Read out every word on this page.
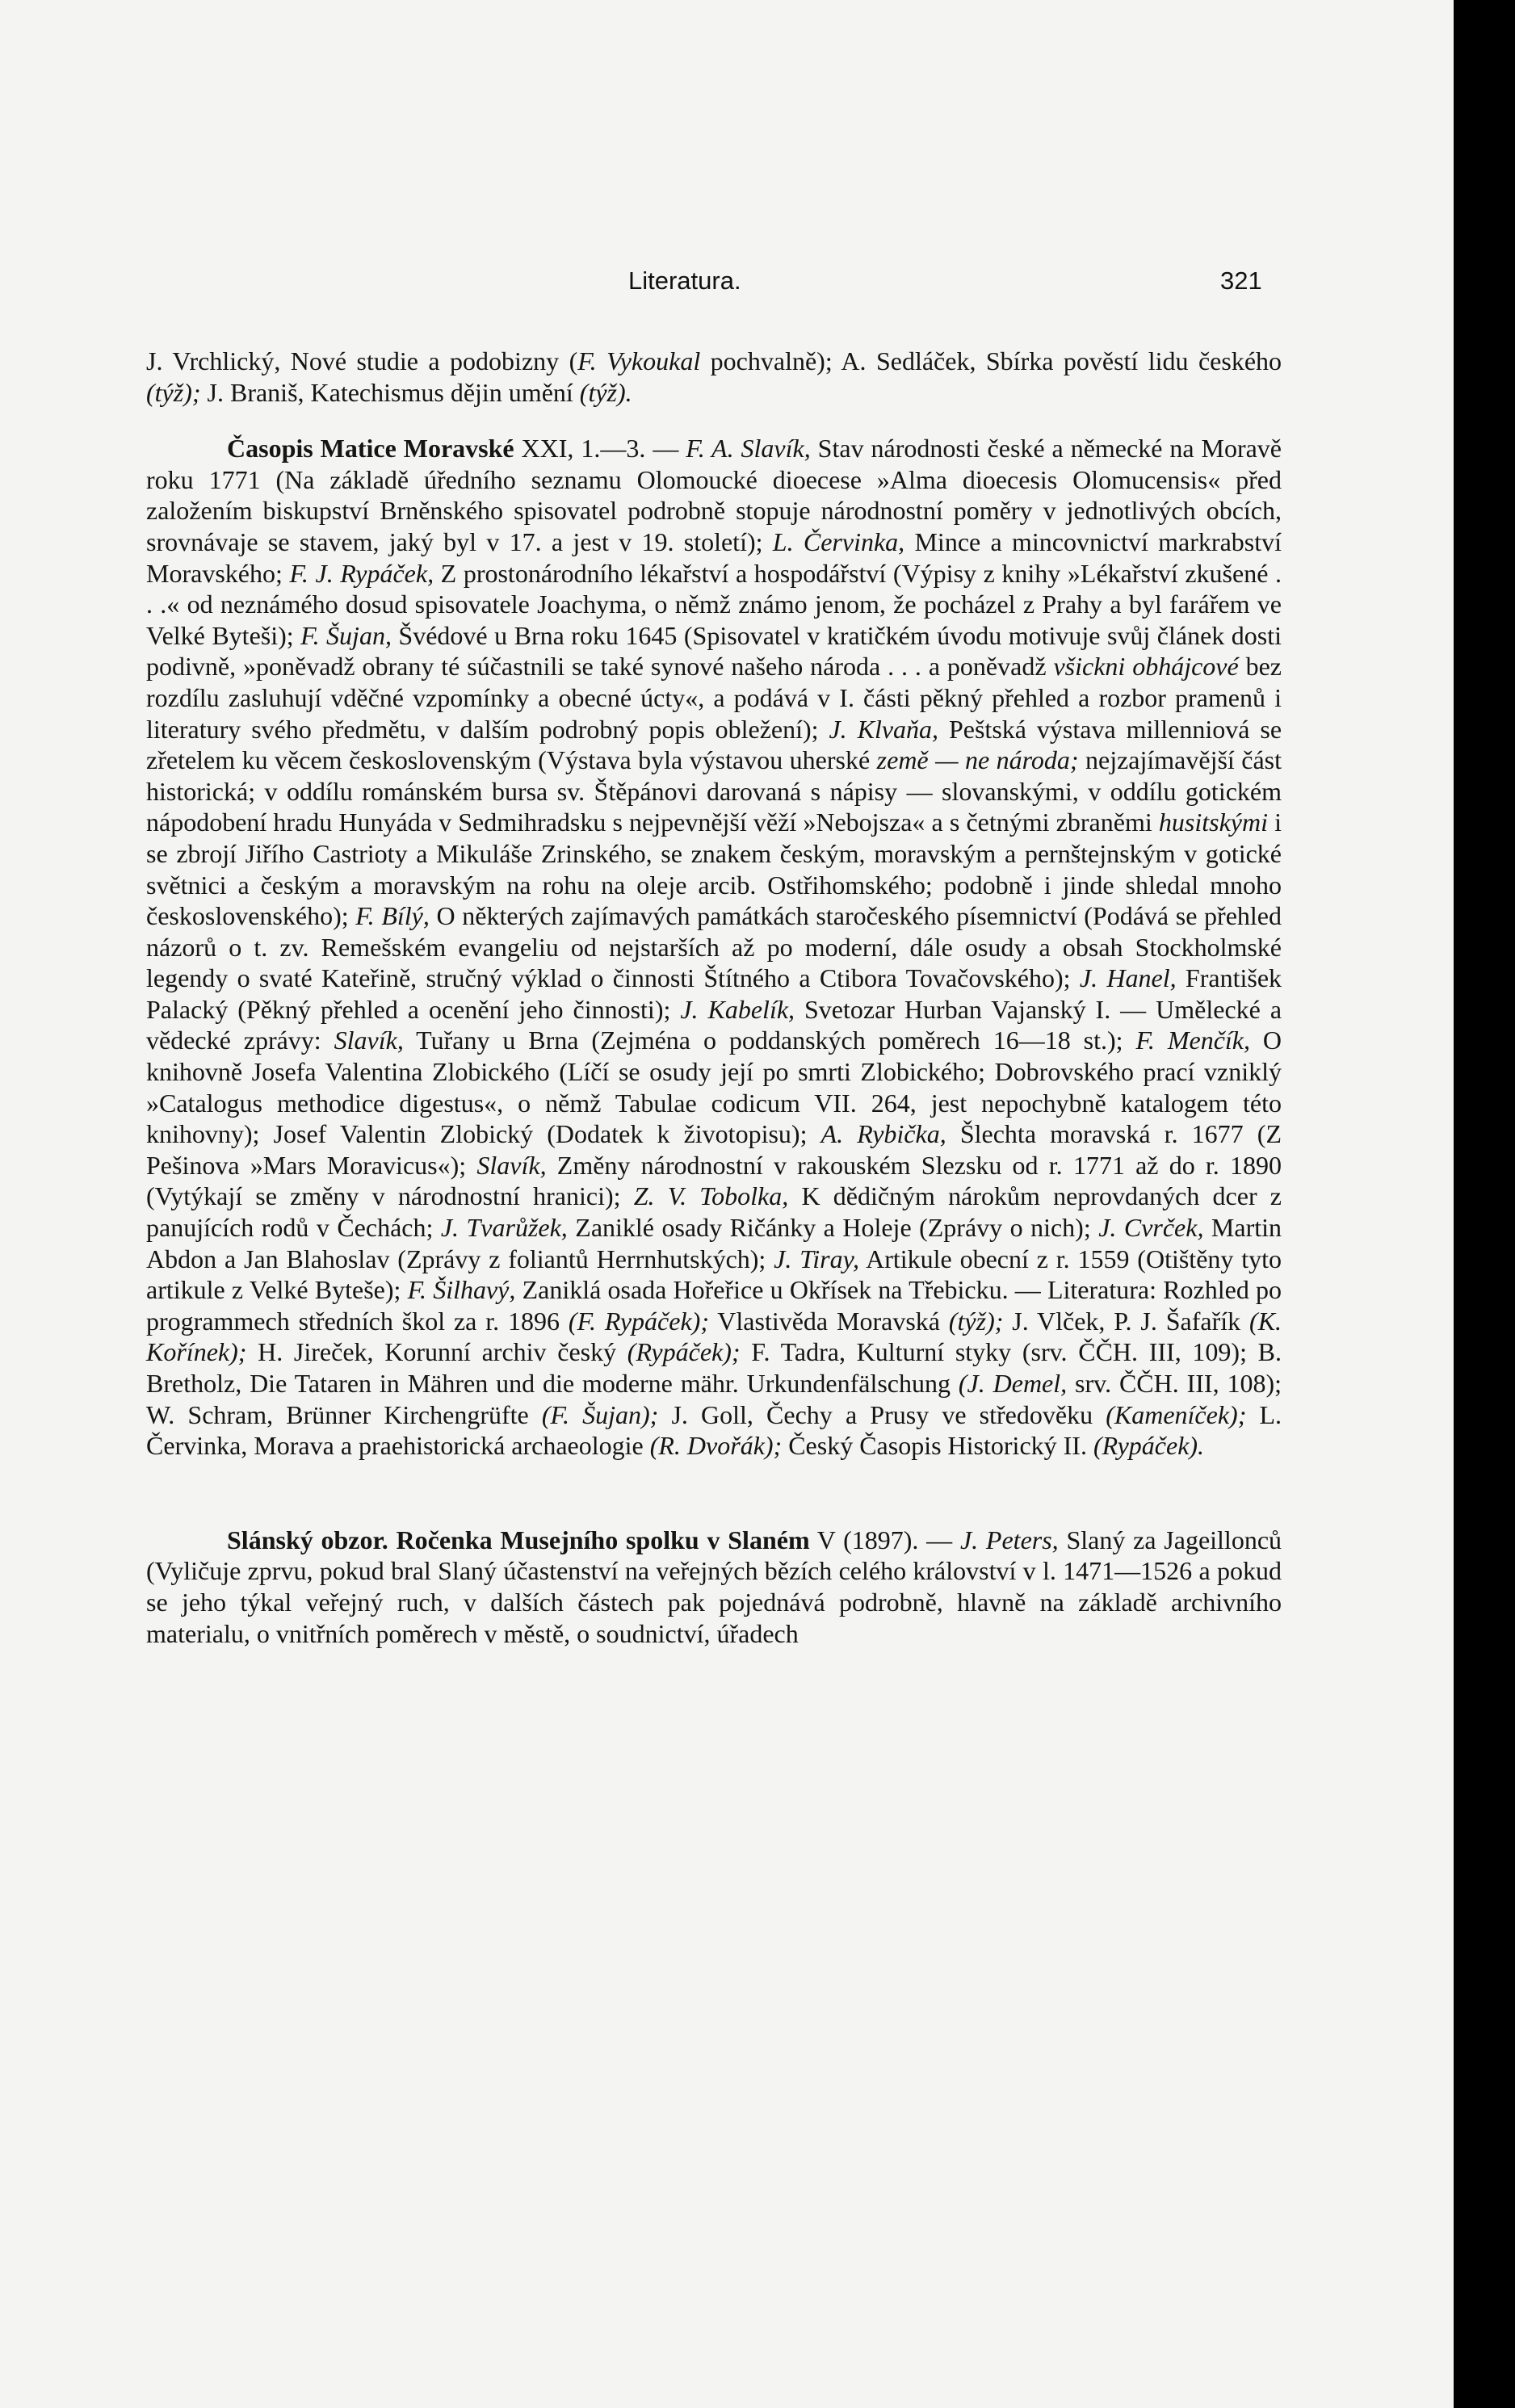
Literatura.	321

J. Vrchlický, Nové studie a podobizny (F. Vykoukal pochvalně); A. Sedláček, Sbírka pověstí lidu českého (týž); J. Braniš, Katechismus dějin umění (týž).

Časopis Matice Moravské XXI, 1.—3. — F. A. Slavík, Stav národnosti české a německé na Moravě roku 1771 (Na základě úředního seznamu Olomoucké dioecese »Alma dioecesis Olomucensis« před založením biskupství Brněnského spisovatel podrobně stopuje národnostní poměry v jednotlivých obcích, srovnávaje se stavem, jaký byl v 17. a jest v 19. století); L. Červinka, Mince a mincovnictví markrabství Moravského; F. J. Rypáček, Z prostonárodního lékařství a hospodářství (Výpisy z knihy »Lékařství zkušené . . .« od neznámého dosud spisovatele Joachyma, o němž známo jenom, že pocházel z Prahy a byl farářem ve Velké Byteši); F. Šujan, Švédové u Brna roku 1645 (Spisovatel v kratičkém úvodu motivuje svůj článek dosti podivně, »poněvadž obrany té súčastnili se také synové našeho národa . . . a poněvadž všickni obhájcové bez rozdílu zasluhují vděčné vzpomínky a obecné úcty«, a podává v I. části pěkný přehled a rozbor pramenů i literatury svého předmětu, v dalším podrobný popis obležení); J. Klvaňa, Peštská výstava millenniová se zřetelem ku věcem československým (Výstava byla výstavou uherské země — ne národa; nejzajímavější část historická; v oddílu románském bursa sv. Štěpánovi darovaná s nápisy — slovanskými, v oddílu gotickém nápodobení hradu Hunyáda v Sedmihradsku s nejpevnější věží »Nebojsza« a s četnými zbraněmi husitskými i se zbrojí Jiřího Castrioty a Mikuláše Zrinského, se znakem českým, moravským a pernštejnským v gotické světnici a českým a moravským na rohu na oleje arcib. Ostřihomského; podobně i jinde shledal mnoho československého); F. Bílý, O některých zajímavých památkách staročeského písemnictví (Podává se přehled názorů o t. zv. Remešském evangeliu od nejstarších až po moderní, dále osudy a obsah Stockholmské legendy o svaté Kateřině, stručný výklad o činnosti Štítného a Ctibora Tovačovského); J. Hanel, František Palacký (Pěkný přehled a ocenění jeho činnosti); J. Kabelík, Svetozar Hurban Vajanský I. — Umělecké a vědecké zprávy: Slavík, Tuřany u Brna (Zejména o poddanských poměrech 16—18 st.); F. Menčík, O knihovně Josefa Valentina Zlobického (Líčí se osudy její po smrti Zlobického; Dobrovského prací vzniklý »Catalogus methodice digestus«, o němž Tabulae codicum VII. 264, jest nepochybně katalogem této knihovny); Josef Valentin Zlobický (Dodatek k životopisu); A. Rybička, Šlechta moravská r. 1677 (Z Pešinova »Mars Moravicus«); Slavík, Změny národnostní v rakouském Slezsku od r. 1771 až do r. 1890 (Vytýkají se změny v národnostní hranici); Z. V. Tobolka, K dědičným nárokům neprovdaných dcer z panujících rodů v Čechách; J. Tvarůžek, Zaniklé osady Ričánky a Holeje (Zprávy o nich); J. Cvrček, Martin Abdon a Jan Blahoslav (Zprávy z foliantů Herrnhutských); J. Tiray, Artikule obecní z r. 1559 (Otištěny tyto artikule z Velké Byteše); F. Šilhavý, Zaniklá osada Hořeřice u Okřísek na Třebicku. — Literatura: Rozhled po programmech středních škol za r. 1896 (F. Rypáček); Vlastivěda Moravská (týž); J. Vlček, P. J. Šafařík (K. Kořínek); H. Jireček, Korunní archiv český (Rypáček); F. Tadra, Kulturní styky (srv. ČČH. III, 109); B. Bretholz, Die Tataren in Mähren und die moderne mähr. Urkundenfälschung (J. Demel, srv. ČČH. III, 108); W. Schram, Brünner Kirchengrüfte (F. Šujan); J. Goll, Čechy a Prusy ve středověku (Kameníček); L. Červinka, Morava a praehistorická archaeologie (R. Dvořák); Český Časopis Historický II. (Rypáček).

Slánský obzor. Ročenka Musejního spolku v Slaném V (1897). — J. Peters, Slaný za Jageillonců (Vyličuje zprvu, pokud bral Slaný účastenství na veřejných bězích celého království v l. 1471—1526 a pokud se jeho týkal veřejný ruch, v dalších částech pak pojednává podrobně, hlavně na základě archivního materialu, o vnitřních poměrech v městě, o soudnictví, úřadech
